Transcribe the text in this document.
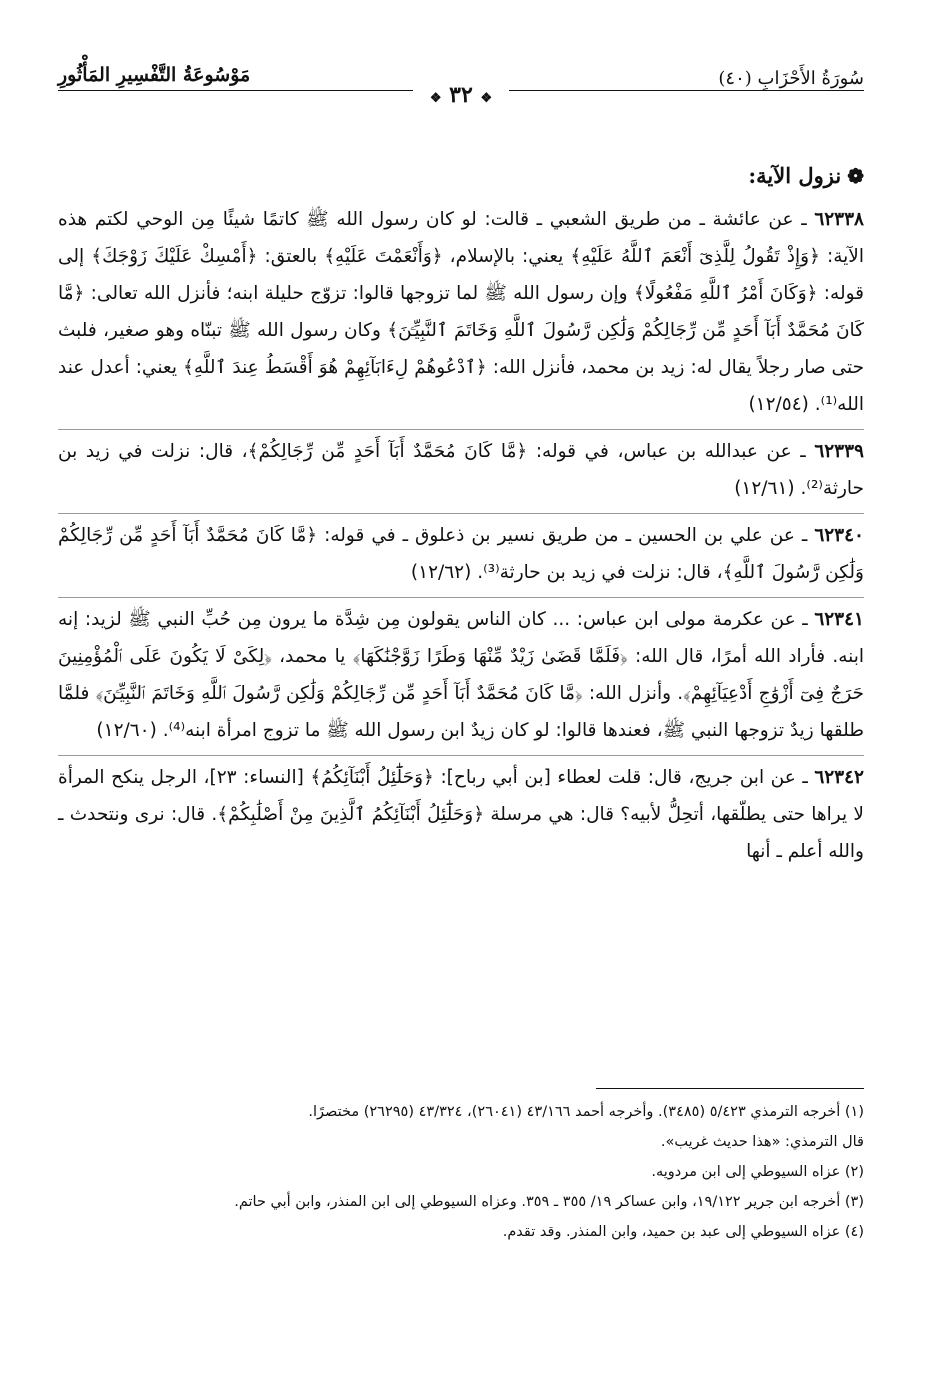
سُورَةُ الأَحْزَابِ (٤٠)
مَوْسُوعَةُ التَّفْسِيرِ المَأْثُورِ
❖ ٣٢ ❖
❁نزول الآية:

٦٢٣٣٨ ـ عن عائشة ـ من طريق الشعبي ـ قالت: لو كان رسول الله ﷺ كاتمًا شيئًا مِن الوحي لكتم هذه الآية: ﴿وَإِذْ تَقُولُ لِلَّذِىٓ أَنْعَمَ ٱللَّهُ عَلَيْهِ﴾ يعني: بالإسلام، ﴿وَأَنْعَمْتَ عَلَيْهِ﴾ بالعتق: ﴿أَمْسِكْ عَلَيْكَ زَوْجَكَ﴾ إلى قوله: ﴿وَكَانَ أَمْرُ ٱللَّهِ مَفْعُولًا﴾ وإن رسول الله ﷺ لما تزوجها قالوا: تزوّج حليلة ابنه؛ فأنزل الله تعالى: ﴿مَّا كَانَ مُحَمَّدٌ أَبَآ أَحَدٍ مِّن رِّجَالِكُمْ وَلَٰكِن رَّسُولَ ٱللَّهِ وَخَاتَمَ ٱلنَّبِيِّـۧنَ﴾ وكان رسول الله ﷺ تبنّاه وهو صغير، فلبث حتى صار رجلاً يقال له: زيد بن محمد، فأنزل الله: ﴿ٱدْعُوهُمْ لِءَابَآئِهِمْ هُوَ أَقْسَطُ عِندَ ٱللَّهِ﴾ يعني: أعدل عند الله⁽¹⁾. (١٢/٥٤)

٦٢٣٣٩ ـ عن عبدالله بن عباس، في قوله: ﴿مَّا كَانَ مُحَمَّدٌ أَبَآ أَحَدٍ مِّن رِّجَالِكُمْ﴾، قال: نزلت في زيد بن حارثة⁽²⁾. (١٢/٦١)

٦٢٣٤٠ ـ عن علي بن الحسين ـ من طريق نسير بن ذعلوق ـ في قوله: ﴿مَّا كَانَ مُحَمَّدٌ أَبَآ أَحَدٍ مِّن رِّجَالِكُمْ وَلَٰكِن رَّسُولَ ٱللَّهِ﴾، قال: نزلت في زيد بن حارثة⁽³⁾. (١٢/٦٢)

٦٢٣٤١ ـ عن عكرمة مولى ابن عباس: ... كان الناس يقولون مِن شِدَّة ما يرون مِن حُبِّ النبي ﷺ لزيد: إنه ابنه. فأراد الله أمرًا، قال الله: ﴿فَلَمَّا قَضَىٰ زَيْدٌ مِّنْهَا وَطَرًا زَوَّجْنَٰكَهَا﴾ يا محمد، ﴿لِكَىْ لَا يَكُونَ عَلَى ٱلْمُؤْمِنِينَ حَرَجٌ فِىٓ أَزْوَٰجِ أَدْعِيَآئِهِمْ﴾. وأنزل الله: ﴿مَّا كَانَ مُحَمَّدٌ أَبَآ أَحَدٍ مِّن رِّجَالِكُمْ وَلَٰكِن رَّسُولَ ٱللَّهِ وَخَاتَمَ ٱلنَّبِيِّـۧنَ﴾ فلمَّا طلقها زيدٌ تزوجها النبي ﷺ، فعندها قالوا: لو كان زيدٌ ابن رسول الله ﷺ ما تزوج امرأة ابنه⁽⁴⁾. (١٢/٦٠)

٦٢٣٤٢ ـ عن ابن جريج، قال: قلت لعطاء [بن أبي رباح]: ﴿وَحَلَٰٓئِلُ أَبْنَآئِكُمُ﴾ [النساء: ٢٣]، الرجل ينكح المرأة لا يراها حتى يطلّقها، أتحِلُّ لأبيه؟ قال: هي مرسلة ﴿وَحَلَٰٓئِلُ أَبْنَآئِكُمُ ٱلَّذِينَ مِنْ أَصْلَٰبِكُمْ﴾. قال: نرى ونتحدث ـ والله أعلم ـ أنها

(١) أخرجه الترمذي ٥/٤٢٣ (٣٤٨٥). وأخرجه أحمد ٤٣/١٦٦ (٢٦٠٤١)، ٤٣/٣٢٤ (٢٦٢٩٥) مختصرًا.

قال الترمذي: «هذا حديث غريب».

(٢) عزاه السيوطي إلى ابن مردويه.

(٣) أخرجه ابن جرير ١٩/١٢٢، وابن عساكر ١٩/ ٣٥٥ ـ ٣٥٩. وعزاه السيوطي إلى ابن المنذر، وابن أبي حاتم.

(٤) عزاه السيوطي إلى عبد بن حميد، وابن المنذر. وقد تقدم.
